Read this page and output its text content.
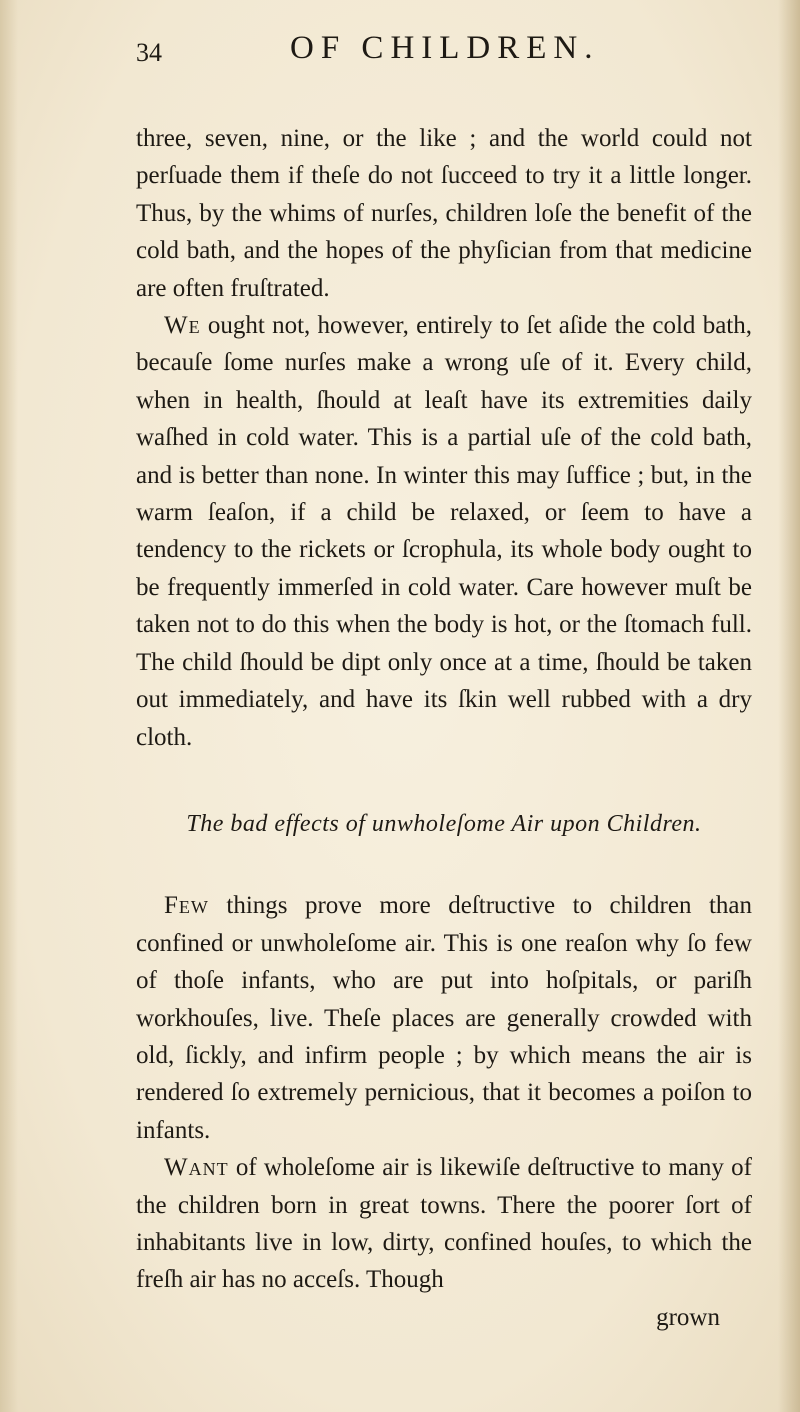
34	OF CHILDREN.

three, seven, nine, or the like ; and the world could not perſuade them if theſe do not ſucceed to try it a little longer. Thus, by the whims of nurſes, children loſe the benefit of the cold bath, and the hopes of the phyſician from that medicine are often fruſtrated.

We ought not, however, entirely to ſet aſide the cold bath, becauſe ſome nurſes make a wrong uſe of it. Every child, when in health, ſhould at leaſt have its extremities daily waſhed in cold water. This is a partial uſe of the cold bath, and is better than none. In winter this may ſuffice ; but, in the warm ſeaſon, if a child be relaxed, or ſeem to have a tendency to the rickets or ſcrophula, its whole body ought to be frequently immerſed in cold water. Care however muſt be taken not to do this when the body is hot, or the ſtomach full. The child ſhould be dipt only once at a time, ſhould be taken out immediately, and have its ſkin well rubbed with a dry cloth.

The bad effects of unwholeſome Air upon Children.

Few things prove more deſtructive to children than confined or unwholeſome air. This is one reaſon why ſo few of thoſe infants, who are put into hoſpitals, or pariſh workhouſes, live. Theſe places are generally crowded with old, ſickly, and infirm people ; by which means the air is rendered ſo extremely pernicious, that it becomes a poiſon to infants.

Want of wholeſome air is likewiſe deſtructive to many of the children born in great towns. There the poorer ſort of inhabitants live in low, dirty, confined houſes, to which the freſh air has no acceſs. Though

grown
